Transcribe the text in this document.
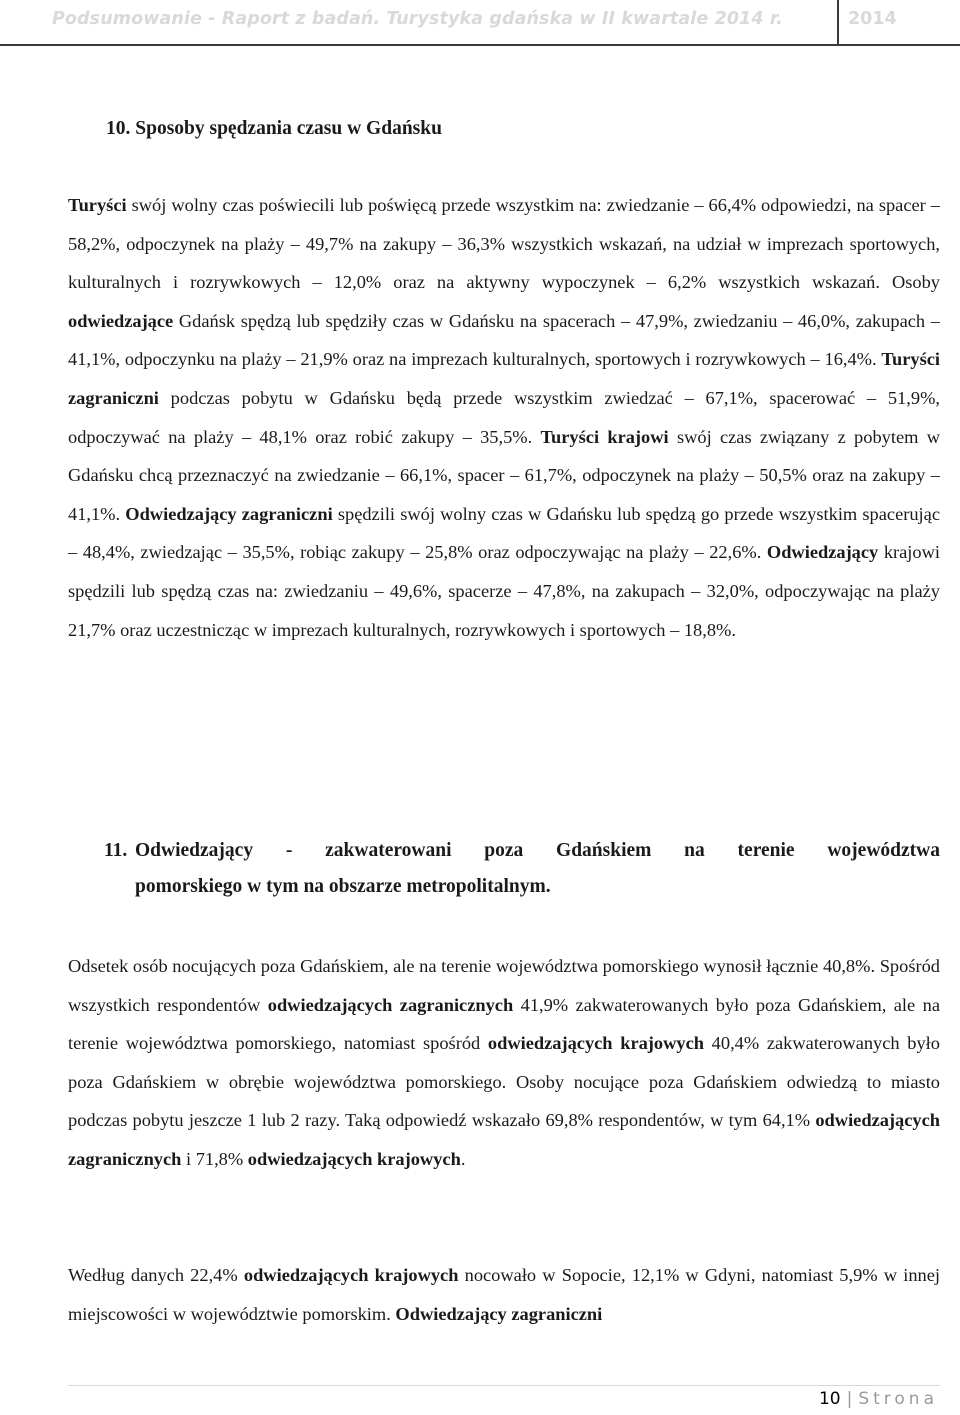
Podsumowanie - Raport z badań. Turystyka gdańska w II kwartale 2014 r.	2014
10. Sposoby spędzania czasu w Gdańsku
Turyści swój wolny czas poświecili lub poświęcą przede wszystkim na: zwiedzanie – 66,4% odpowiedzi, na spacer – 58,2%, odpoczynek na plaży – 49,7% na zakupy – 36,3% wszystkich wskazań, na udział w imprezach sportowych, kulturalnych i rozrywkowych – 12,0% oraz na aktywny wypoczynek – 6,2% wszystkich wskazań. Osoby odwiedzające Gdańsk spędzą lub spędziły czas w Gdańsku na spacerach – 47,9%, zwiedzaniu – 46,0%, zakupach – 41,1%, odpoczynku na plaży – 21,9% oraz na imprezach kulturalnych, sportowych i rozrywkowych – 16,4%. Turyści zagraniczni podczas pobytu w Gdańsku będą przede wszystkim zwiedzać – 67,1%, spacerować – 51,9%, odpoczywać na plaży – 48,1% oraz robić zakupy – 35,5%. Turyści krajowi swój czas związany z pobytem w Gdańsku chcą przeznaczyć na zwiedzanie – 66,1%, spacer – 61,7%, odpoczynek na plaży – 50,5% oraz na zakupy – 41,1%. Odwiedzający zagraniczni spędzili swój wolny czas w Gdańsku lub spędzą go przede wszystkim spacerując – 48,4%, zwiedzając – 35,5%, robiąc zakupy – 25,8% oraz odpoczywając na plaży – 22,6%. Odwiedzający krajowi spędzili lub spędzą czas na: zwiedzaniu – 49,6%, spacerze – 47,8%, na zakupach – 32,0%, odpoczywając na plaży 21,7% oraz uczestnicząc w imprezach kulturalnych, rozrywkowych i sportowych – 18,8%.
11. Odwiedzający - zakwaterowani poza Gdańskiem na terenie województwa
pomorskiego w tym na obszarze metropolitalnym.
Odsetek osób nocujących poza Gdańskiem, ale na terenie województwa pomorskiego wynosił łącznie 40,8%. Spośród wszystkich respondentów odwiedzających zagranicznych 41,9% zakwaterowanych było poza Gdańskiem, ale na terenie województwa pomorskiego, natomiast spośród odwiedzających krajowych 40,4% zakwaterowanych było poza Gdańskiem w obrębie województwa pomorskiego. Osoby nocujące poza Gdańskiem odwiedzą to miasto podczas pobytu jeszcze 1 lub 2 razy. Taką odpowiedź wskazało 69,8% respondentów, w tym 64,1% odwiedzających zagranicznych i 71,8% odwiedzających krajowych.
Według danych 22,4% odwiedzających krajowych nocowało w Sopocie, 12,1% w Gdyni, natomiast 5,9% w innej miejscowości w województwie pomorskim. Odwiedzający zagraniczni
10 | Strona
